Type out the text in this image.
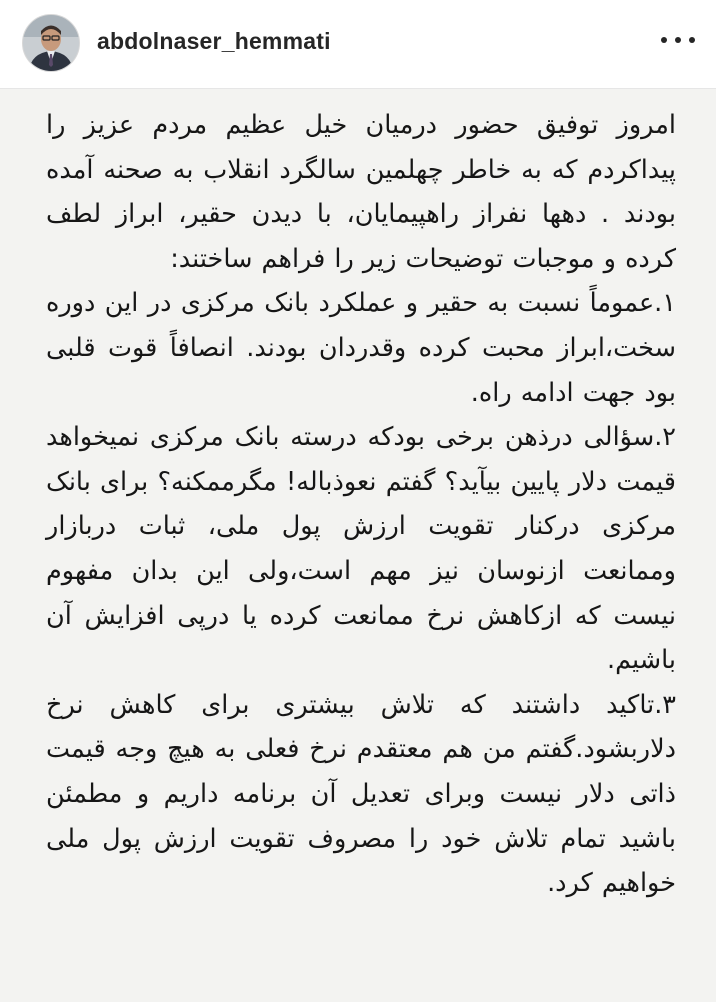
abdolnaser_hemmati

امروز توفیق حضور درمیان خیل عظیم مردم عزیز را پیداکردم که به خاطر چهلمین سالگرد انقلاب به صحنه آمده بودند . دهها نفراز راهپیمایان، با دیدن حقیر، ابراز لطف کرده و موجبات توضیحات زیر را فراهم ساختند:

۱.عموماً نسبت به حقیر و عملکرد بانک مرکزی در این دوره سخت،ابراز محبت کرده وقدردان بودند. انصافاً قوت قلبی بود جهت ادامه راه.

۲.سؤالی درذهن برخی بودکه درسته بانک مرکزی نمیخواهد قیمت دلار پایین بیآید؟ گفتم نعوذباله! مگرممکنه؟ برای بانک مرکزی درکنار تقویت ارزش پول ملی، ثبات دربازار وممانعت ازنوسان نیز مهم است،ولی این بدان مفهوم نیست که ازکاهش نرخ ممانعت کرده یا درپی افزایش آن باشیم.

۳.تاکید داشتند که تلاش بیشتری برای کاهش نرخ دلاربشود.گفتم من هم معتقدم نرخ فعلی به هیچ وجه قیمت ذاتی دلار نیست وبرای تعدیل آن برنامه داریم و مطمئن باشید تمام تلاش خود را مصروف تقویت ارزش پول ملی خواهیم کرد.
